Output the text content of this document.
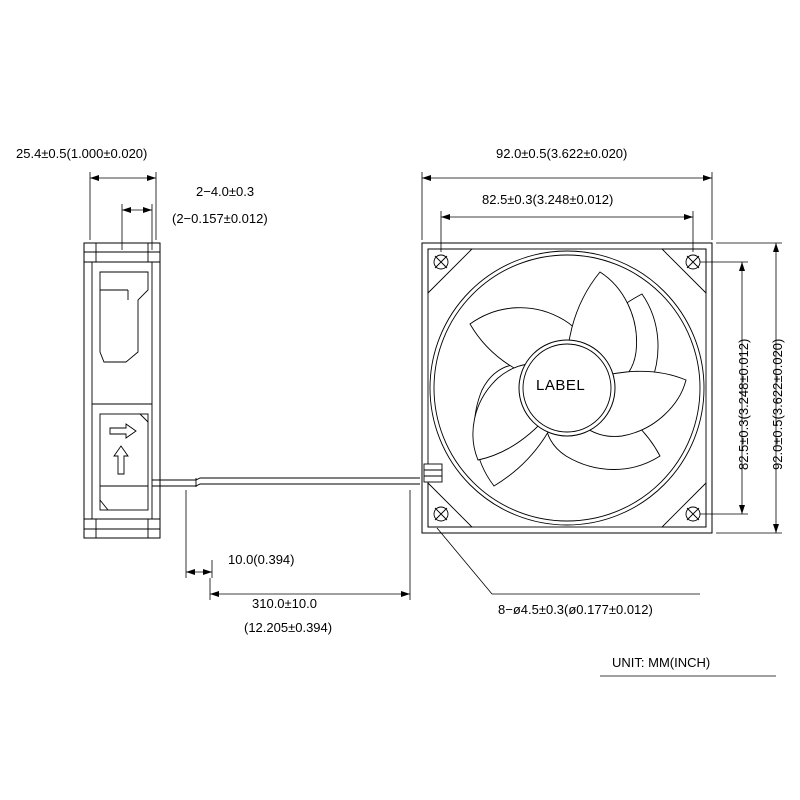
25.4±0.5(1.000±0.020)
2−4.0±0.3
(2−0.157±0.012)
10.0(0.394)
310.0±10.0
(12.205±0.394)
92.0±0.5(3.622±0.020)
82.5±0.3(3.248±0.012)
82.5±0.3(3.248±0.012) 92.0±0.5(3.622±0.020)
8−ø4.5±0.3(ø0.177±0.012)
UNIT: MM(INCH)
LABEL
